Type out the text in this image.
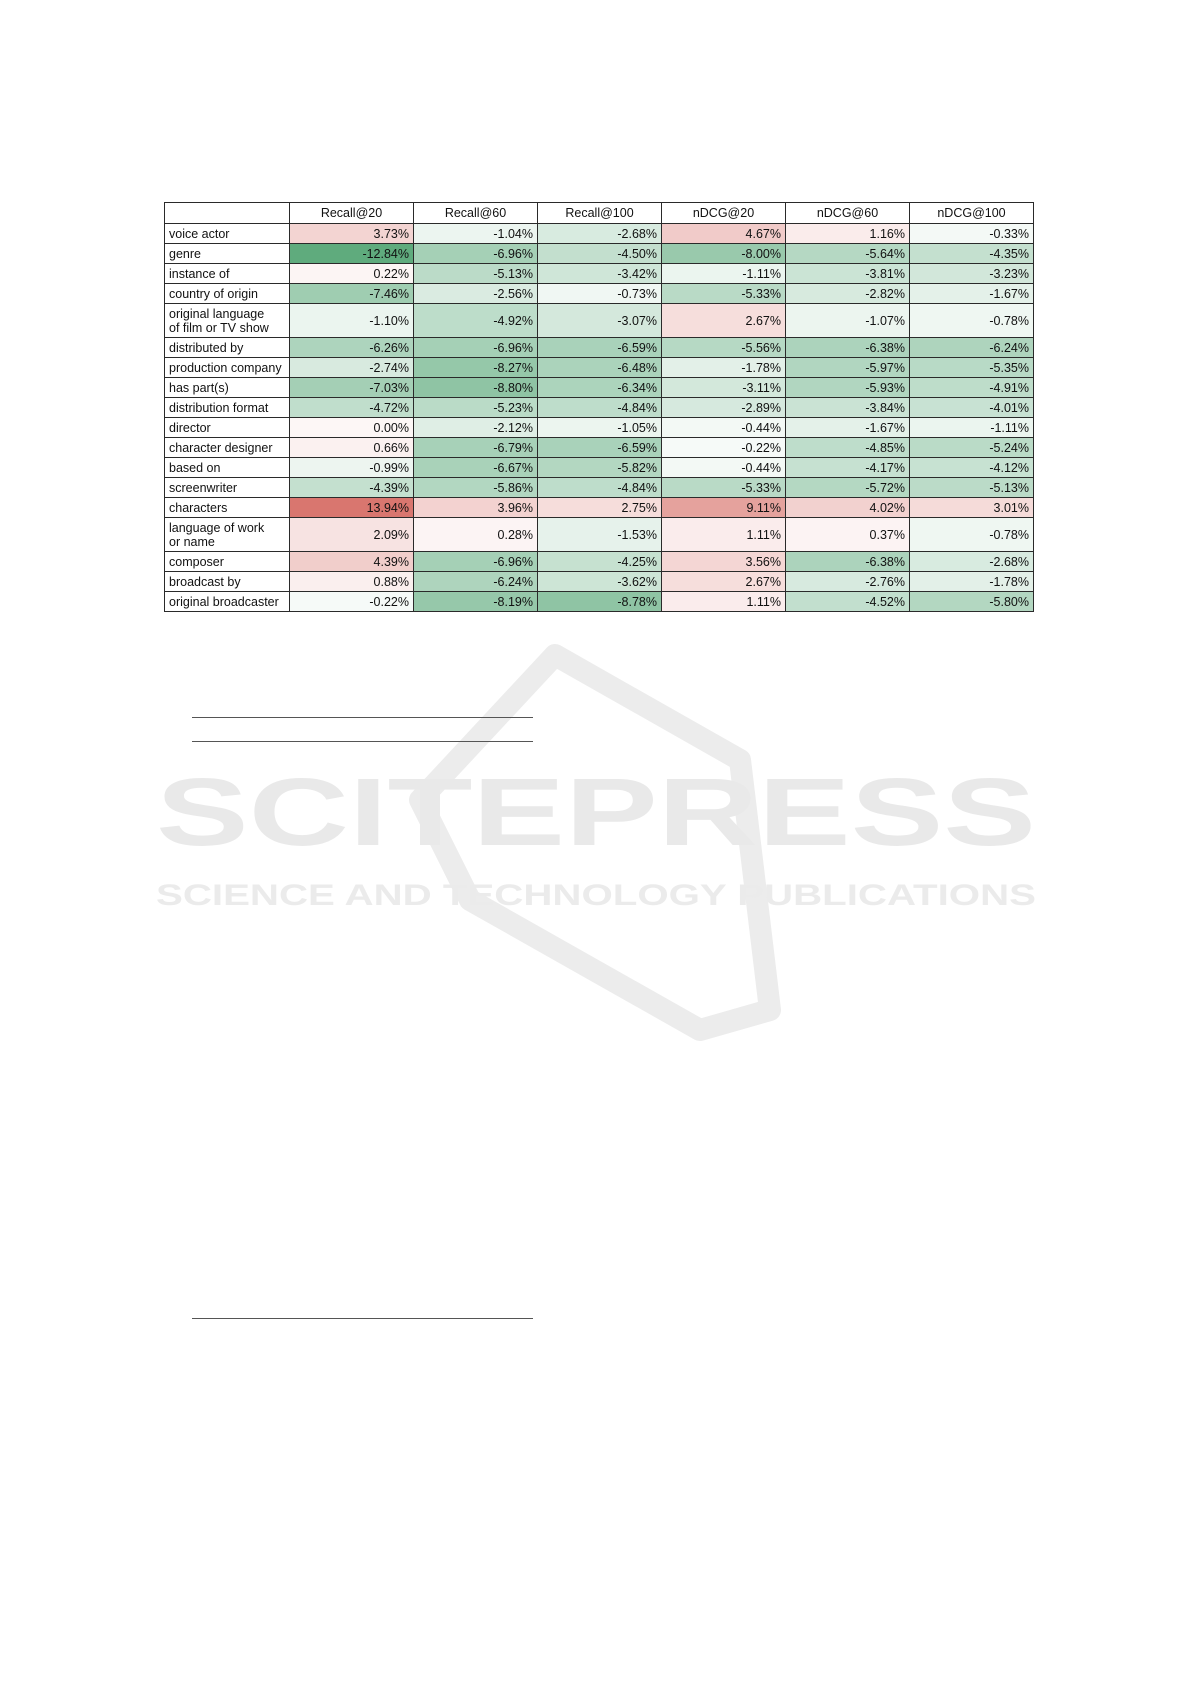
SCITEPRESS
SCIENCE AND TECHNOLOGY PUBLICATIONS
	Recall@20	Recall@60	Recall@100	nDCG@20	nDCG@60	nDCG@100
voice actor	3.73%	-1.04%	-2.68%	4.67%	1.16%	-0.33%
genre	-12.84%	-6.96%	-4.50%	-8.00%	-5.64%	-4.35%
instance of	0.22%	-5.13%	-3.42%	-1.11%	-3.81%	-3.23%
country of origin	-7.46%	-2.56%	-0.73%	-5.33%	-2.82%	-1.67%
original language
of film or TV show	-1.10%	-4.92%	-3.07%	2.67%	-1.07%	-0.78%
distributed by	-6.26%	-6.96%	-6.59%	-5.56%	-6.38%	-6.24%
production company	-2.74%	-8.27%	-6.48%	-1.78%	-5.97%	-5.35%
has part(s)	-7.03%	-8.80%	-6.34%	-3.11%	-5.93%	-4.91%
distribution format	-4.72%	-5.23%	-4.84%	-2.89%	-3.84%	-4.01%
director	0.00%	-2.12%	-1.05%	-0.44%	-1.67%	-1.11%
character designer	0.66%	-6.79%	-6.59%	-0.22%	-4.85%	-5.24%
based on	-0.99%	-6.67%	-5.82%	-0.44%	-4.17%	-4.12%
screenwriter	-4.39%	-5.86%	-4.84%	-5.33%	-5.72%	-5.13%
characters	13.94%	3.96%	2.75%	9.11%	4.02%	3.01%
language of work
or name	2.09%	0.28%	-1.53%	1.11%	0.37%	-0.78%
composer	4.39%	-6.96%	-4.25%	3.56%	-6.38%	-2.68%
broadcast by	0.88%	-6.24%	-3.62%	2.67%	-2.76%	-1.78%
original broadcaster	-0.22%	-8.19%	-8.78%	1.11%	-4.52%	-5.80%
